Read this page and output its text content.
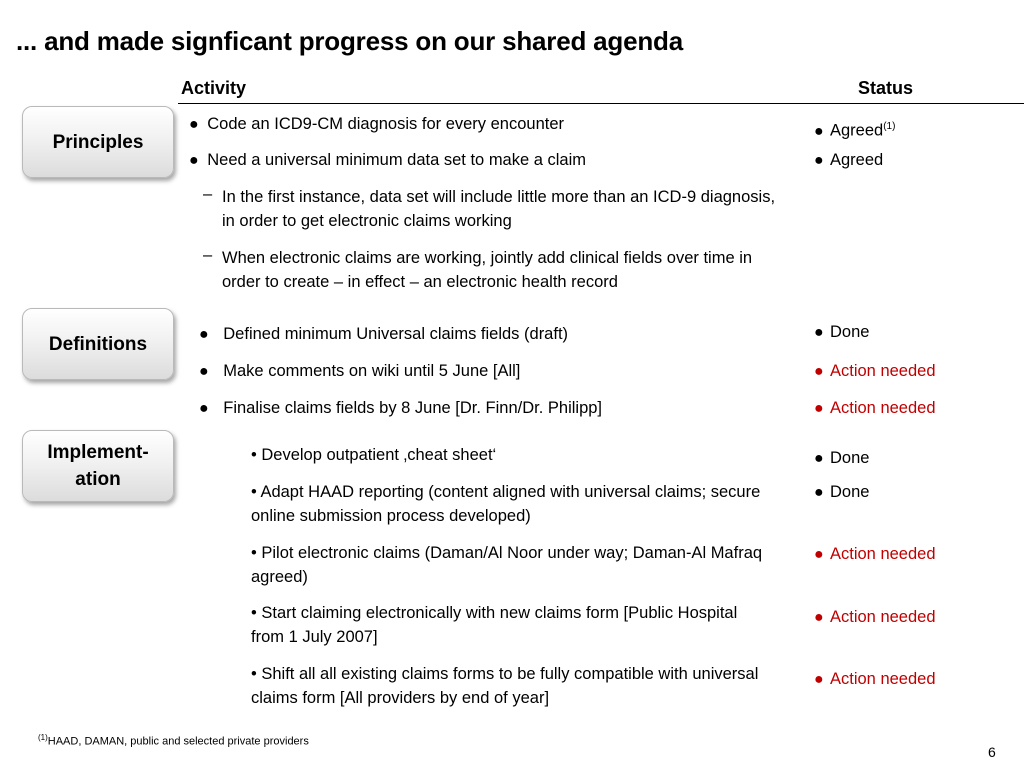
... and made signficant progress on our shared agenda
Activity	Status
Principles
Definitions
Implement-
ation
● Code an ICD9-CM diagnosis for every encounter
● Need a universal minimum data set to make a claim
– In the first instance, data set will include little more than an ICD-9 diagnosis, in order to get electronic claims working
– When electronic claims are working, jointly add clinical fields over time in order to create – in effect – an electronic health record
● Agreed$^{(1)}$
● Agreed
● Defined minimum Universal claims fields (draft)
● Make comments on wiki until 5 June [All]
● Finalise claims fields by 8 June [Dr. Finn/Dr. Philipp]
● Done
● Action needed
● Action needed
• Develop outpatient ‚cheat sheet‘
• Adapt HAAD reporting (content aligned with universal claims; secure online submission process developed)
• Pilot electronic claims (Daman/Al Noor under way; Daman-Al Mafraq agreed)
• Start claiming electronically with new claims form [Public Hospital from 1 July 2007]
• Shift all all existing claims forms to be fully compatible with universal claims form [All providers by end of year]
● Done
● Done
● Action needed
● Action needed
● Action needed
$^{(1)}$HAAD, DAMAN, public and selected private providers
6
